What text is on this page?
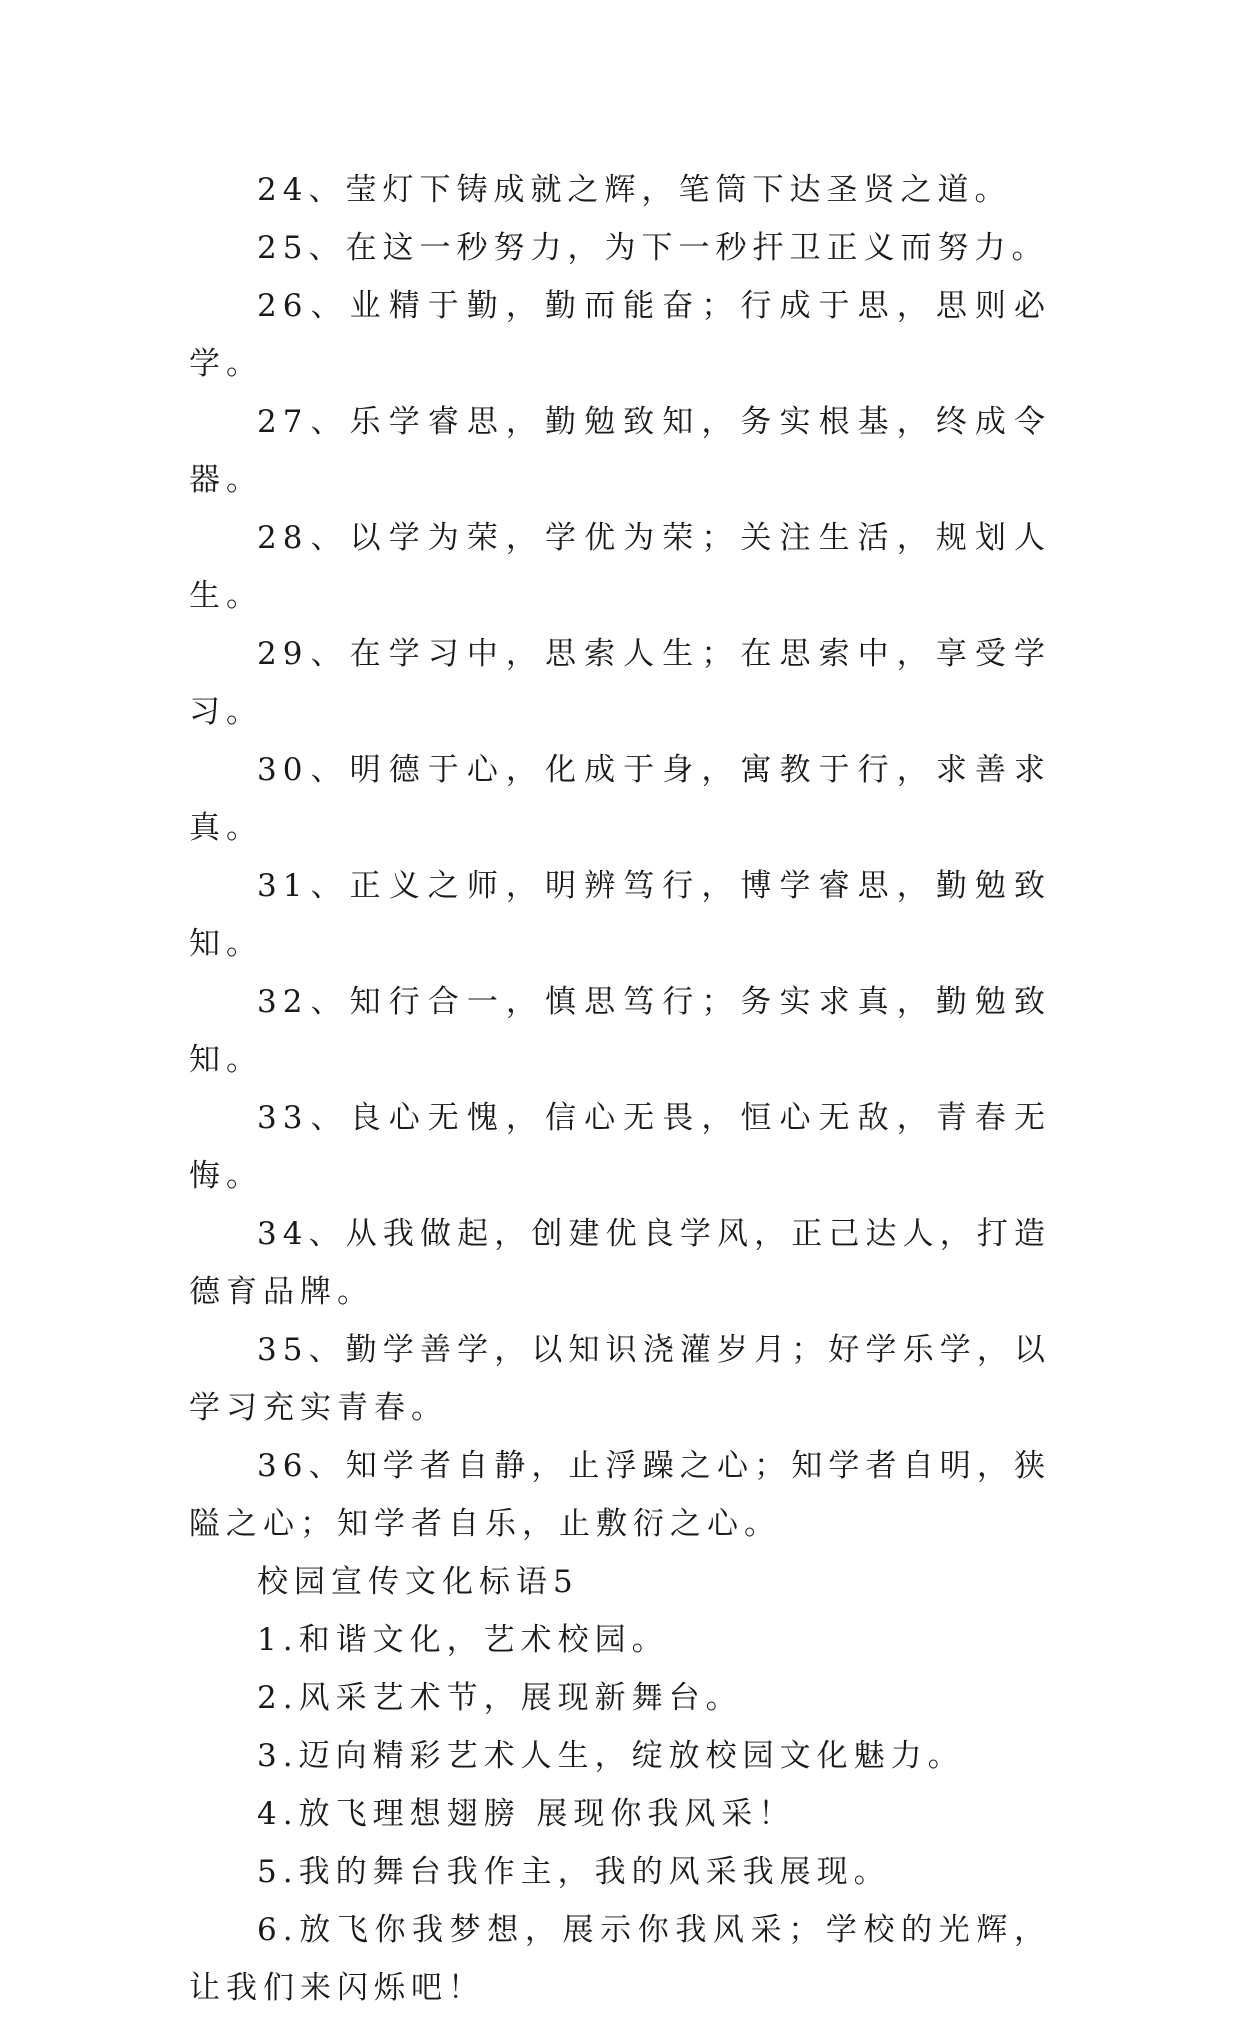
24、莹灯下铸成就之辉，笔筒下达圣贤之道。

25、在这一秒努力，为下一秒扞卫正义而努力。

26、业精于勤，勤而能奋；行成于思，思则必学。

27、乐学睿思，勤勉致知，务实根基，终成令器。

28、以学为荣，学优为荣；关注生活，规划人生。

29、在学习中，思索人生；在思索中，享受学习。

30、明德于心，化成于身，寓教于行，求善求真。

31、正义之师，明辨笃行，博学睿思，勤勉致知。

32、知行合一，慎思笃行；务实求真，勤勉致知。

33、良心无愧，信心无畏，恒心无敌，青春无悔。

34、从我做起，创建优良学风，正己达人，打造德育品牌。

35、勤学善学，以知识浇灌岁月；好学乐学，以学习充实青春。

36、知学者自静，止浮躁之心；知学者自明，狭隘之心；知学者自乐，止敷衍之心。

校园宣传文化标语5

1.和谐文化，艺术校园。

2.风采艺术节，展现新舞台。

3.迈向精彩艺术人生，绽放校园文化魅力。

4.放飞理想翅膀 展现你我风采！

5.我的舞台我作主，我的风采我展现。

6.放飞你我梦想，展示你我风采；学校的光辉，让我们来闪烁吧！
